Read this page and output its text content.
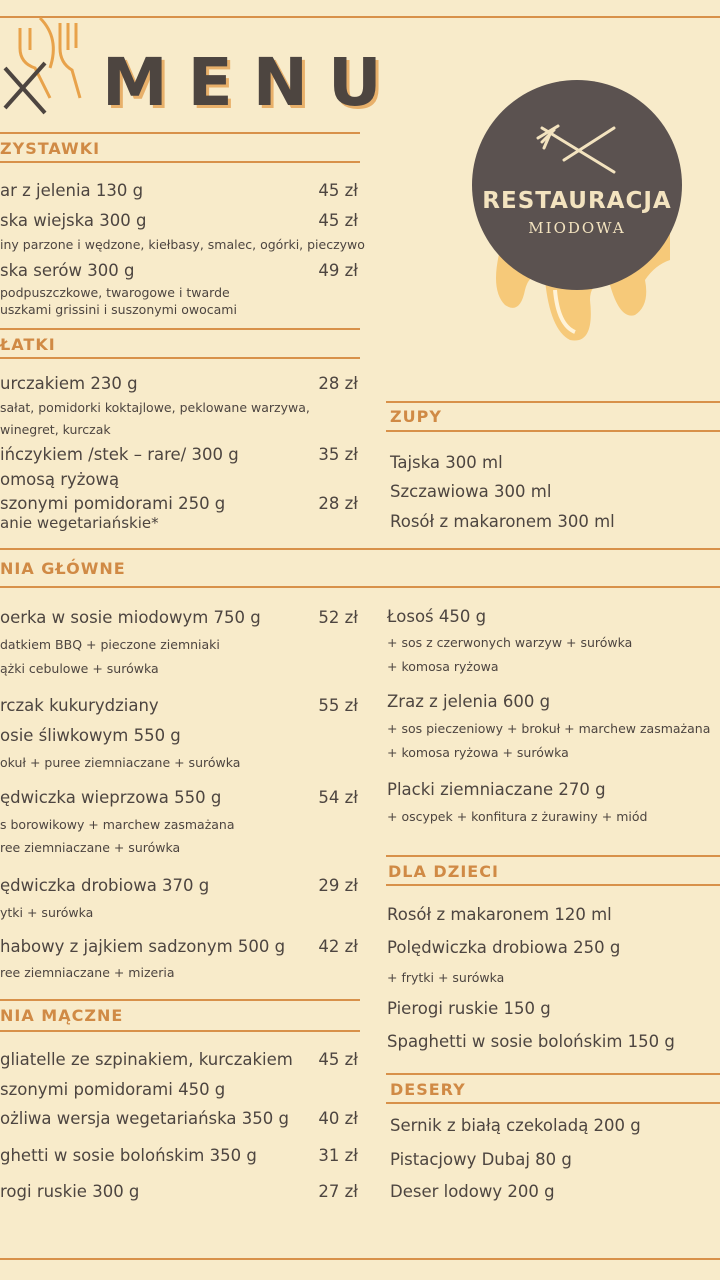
MENU
RESTAURACJA
MIODOWA
ZYSTAWKI
ar z jelenia 130 g	45 zł
ska wiejska 300 g	45 zł
iny parzone i wędzone, kiełbasy, smalec, ogórki, pieczywo
ska serów 300 g	49 zł
podpuszczkowe, twarogowe i twarde
uszkami grissini i suszonymi owocami
ŁATKI
urczakiem 230 g	28 zł
sałat, pomidorki koktajlowe, peklowane warzywa,
winegret, kurczak
ińczykiem /stek – rare/ 300 g	35 zł
omosą ryżową
szonymi pomidorami 250 g	28 zł
anie wegetariańskie*
ZUPY
Tajska 300 ml
Szczawiowa 300 ml
Rosół z makaronem 300 ml
NIA GŁÓWNE
oerka w sosie miodowym 750 g	52 zł
datkiem BBQ + pieczone ziemniaki
ążki cebulowe + surówka
rczak kukurydziany	55 zł
osie śliwkowym 550 g
okuł + puree ziemniaczane + surówka
ędwiczka wieprzowa 550 g	54 zł
s borowikowy + marchew zasmażana
ree ziemniaczane + surówka
ędwiczka drobiowa 370 g	29 zł
ytki + surówka
habowy z jajkiem sadzonym 500 g 42 zł
ree ziemniaczane + mizeria
Łosoś 450 g
+ sos z czerwonych warzyw + surówka
+ komosa ryżowa
Zraz z jelenia 600 g
+ sos pieczeniowy + brokuł + marchew zasmażana
+ komosa ryżowa + surówka
Placki ziemniaczane 270 g
+ oscypek + konfitura z żurawiny + miód
DLA DZIECI
Rosół z makaronem 120 ml
Polędwiczka drobiowa 250 g
+ frytki + surówka
Pierogi ruskie 150 g
Spaghetti w sosie bolońskim 150 g
NIA MĄCZNE
gliatelle ze szpinakiem, kurczakiem 45 zł
szonymi pomidorami 450 g
ożliwa wersja wegetariańska 350 g 40 zł
ghetti w sosie bolońskim 350 g	31 zł
rogi ruskie 300 g	27 zł
DESERY
Sernik z białą czekoladą 200 g
Pistacjowy Dubaj 80 g
Deser lodowy 200 g
